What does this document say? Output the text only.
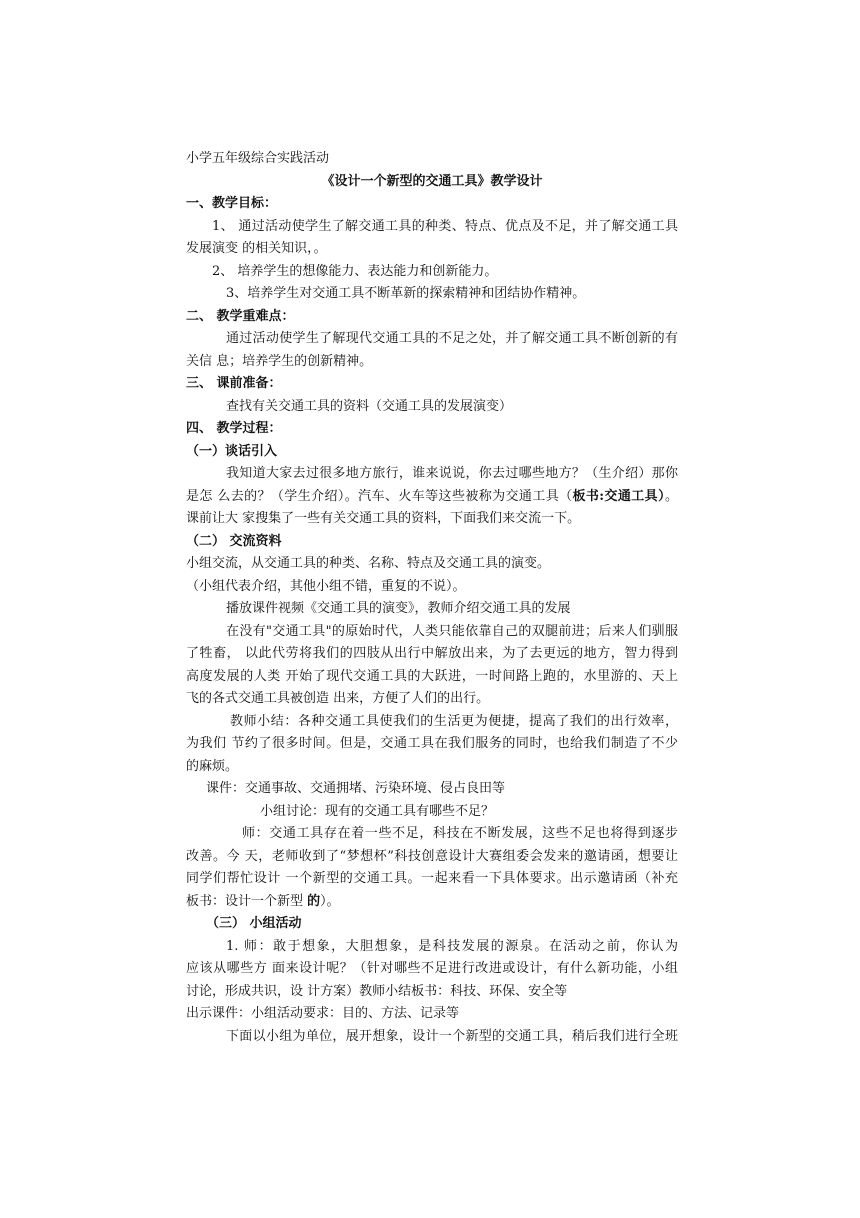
小学五年级综合实践活动
《设计一个新型的交通工具》教学设计
一、教学目标：
1、 通过活动使学生了解交通工具的种类、特点、优点及不足，并了解交通工具
发展演变 的相关知识，。
2、 培养学生的想像能力、表达能力和创新能力。
3、培养学生对交通工具不断革新的探索精神和团结协作精神。
二、 教学重难点：
通过活动使学生了解现代交通工具的不足之处，并了解交通工具不断创新的有
关信 息；培养学生的创新精神。
三、 课前准备：
查找有关交通工具的资料（交通工具的发展演变）
四、 教学过程：
（一）谈话引入
我知道大家去过很多地方旅行，谁来说说，你去过哪些地方？（生介绍）那你
是怎 么去的？（学生介绍）。汽车、火车等这些被称为交通工具（板书:交通工具）。
课前让大 家搜集了一些有关交通工具的资料，下面我们来交流一下。
（二） 交流资料
小组交流，从交通工具的种类、名称、特点及交通工具的演变。
（小组代表介绍，其他小组不错，重复的不说）。
播放课件视频《交通工具的演变》，教师介绍交通工具的发展
在没有"交通工具"的原始时代，人类只能依靠自己的双腿前进；后来人们驯服
了牲畜， 以此代劳将我们的四肢从出行中解放出来，为了去更远的地方，智力得到
高度发展的人类 开始了现代交通工具的大跃进，一时间路上跑的，水里游的、天上
飞的各式交通工具被创造 出来，方便了人们的出行。
教师小结：各种交通工具使我们的生活更为便捷，提高了我们的出行效率，
为我们 节约了很多时间。但是，交通工具在我们服务的同时，也给我们制造了不少
的麻烦。
课件：交通事故、交通拥堵、污染环境、侵占良田等
小组讨论：现有的交通工具有哪些不足？
师：交通工具存在着一些不足，科技在不断发展，这些不足也将得到逐步
改善。今 天，老师收到了“梦想杯”科技创意设计大赛组委会发来的邀请函，想要让
同学们帮忙设计 一个新型的交通工具。一起来看一下具体要求。出示邀请函（补充
板书：设计一个新型 的）。
（三） 小组活动
1. 师：敢于想象，大胆想象，是科技发展的源泉。在活动之前，你认为
应该从哪些方 面来设计呢？（针对哪些不足进行改进或设计，有什么新功能，小组
讨论，形成共识，设 计方案）教师小结板书：科技、环保、安全等
出示课件：小组活动要求：目的、方法、记录等
下面以小组为单位，展开想象，设计一个新型的交通工具，稍后我们进行全班
